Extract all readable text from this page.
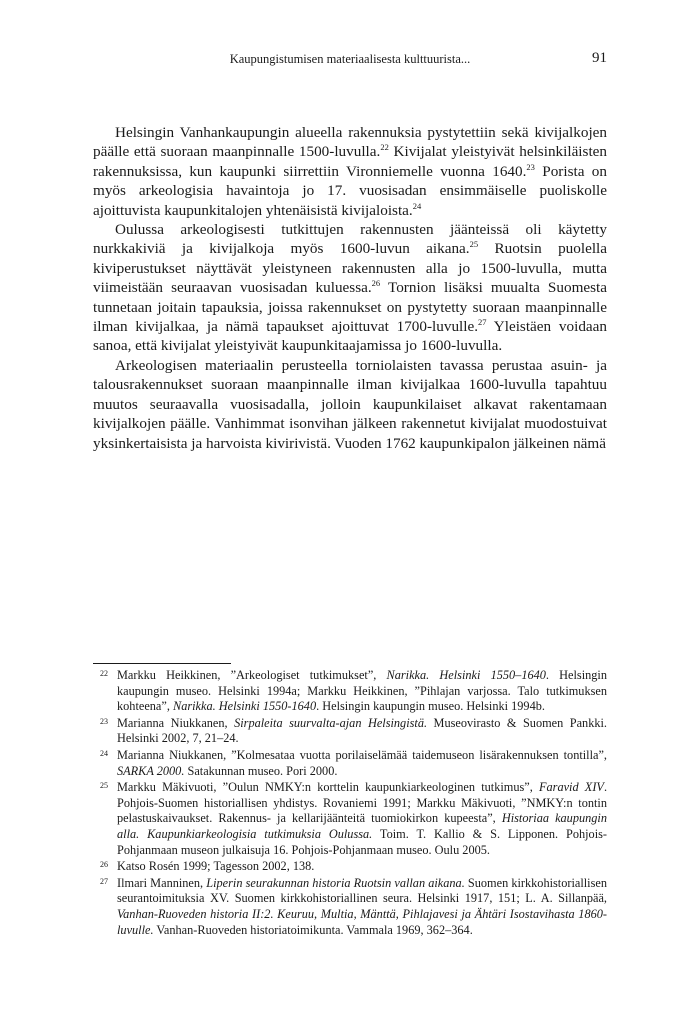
Kaupungistumisen materiaalisesta kulttuurista...	91

Helsingin Vanhankaupungin alueella rakennuksia pystytettiin sekä kivijalkojen päälle että suoraan maanpinnalle 1500-luvulla.$^{22}$ Kivijalat yleistyivät helsinkiläisten rakennuksissa, kun kaupunki siirrettiin Vironniemelle vuonna 1640.23 Porista on myös arkeologisia havaintoja jo 17. vuosisadan ensimmäiselle puoliskolle ajoittuvista kaupunkitalojen yhtenäisistä kivijaloista.$^{24}$

Oulussa arkeologisesti tutkittujen rakennusten jäänteissä oli käytetty nurkkakiviä ja kivijalkoja myös 1600-luvun aikana.$^{25}$ Ruotsin puolella kiviperustukset näyttävät yleistyneen rakennusten alla jo 1500-luvulla, mutta viimeistään seuraavan vuosisadan kuluessa.$^{26}$ Tornion lisäksi muualta Suomesta tunnetaan joitain tapauksia, joissa rakennukset on pystytetty suoraan maanpinnalle ilman kivijalkaa, ja nämä tapaukset ajoittuvat 1700-luvulle.$^{27}$ Yleistäen voidaan sanoa, että kivijalat yleistyivät kaupunkitaajamissa jo 1600-luvulla.

Arkeologisen materiaalin perusteella torniolaisten tavassa perustaa asuin- ja talousrakennukset suoraan maanpinnalle ilman kivijalkaa 1600-luvulla tapahtuu muutos seuraavalla vuosisadalla, jolloin kaupunkilaiset alkavat rakentamaan kivijalkojen päälle. Vanhimmat isonvihan jälkeen rakennetut kivijalat muodostuivat yksinkertaisista ja harvoista kivirivistä. Vuoden 1762 kaupunkipalon jälkeinen nämä

22 Markku Heikkinen, ”Arkeologiset tutkimukset”, Narikka. Helsinki 1550–1640. Helsingin kaupungin museo. Helsinki 1994a; Markku Heikkinen, ”Pihlajan varjossa. Talo tutkimuksen kohteena”, Narikka. Helsinki 1550-1640. Helsingin kaupungin museo. Helsinki 1994b.
23 Marianna Niukkanen, Sirpaleita suurvalta-ajan Helsingistä. Museovirasto & Suomen Pankki. Helsinki 2002, 7, 21–24.
24 Marianna Niukkanen, ”Kolmesataa vuotta porilaiselämää taidemuseon lisärakennuksen tontilla”, SARKA 2000. Satakunnan museo. Pori 2000.
25 Markku Mäkivuoti, ”Oulun NMKY:n korttelin kaupunkiarkeologinen tutkimus”, Faravid XIV. Pohjois-Suomen historiallisen yhdistys. Rovaniemi 1991; Markku Mäkivuoti, ”NMKY:n tontin pelastuskaivaukset. Rakennus- ja kellarijäänteitä tuomiokirkon kupeesta”, Historiaa kaupungin alla. Kaupunkiarkeologisia tutkimuksia Oulussa. Toim. T. Kallio & S. Lipponen. Pohjois-Pohjanmaan museon julkaisuja 16. Pohjois-Pohjanmaan museo. Oulu 2005.
26 Katso Rosén 1999; Tagesson 2002, 138.
27 Ilmari Manninen, Liperin seurakunnan historia Ruotsin vallan aikana. Suomen kirkkohistoriallisen seurantoimituksia XV. Suomen kirkkohistoriallinen seura. Helsinki 1917, 151; L. A. Sillanpää, Vanhan-Ruoveden historia II:2. Keuruu, Multia, Mänttä, Pihlajavesi ja Ähtäri Isostavihasta 1860-luvulle. Vanhan-Ruoveden historiatoimikunta. Vammala 1969, 362–364.
